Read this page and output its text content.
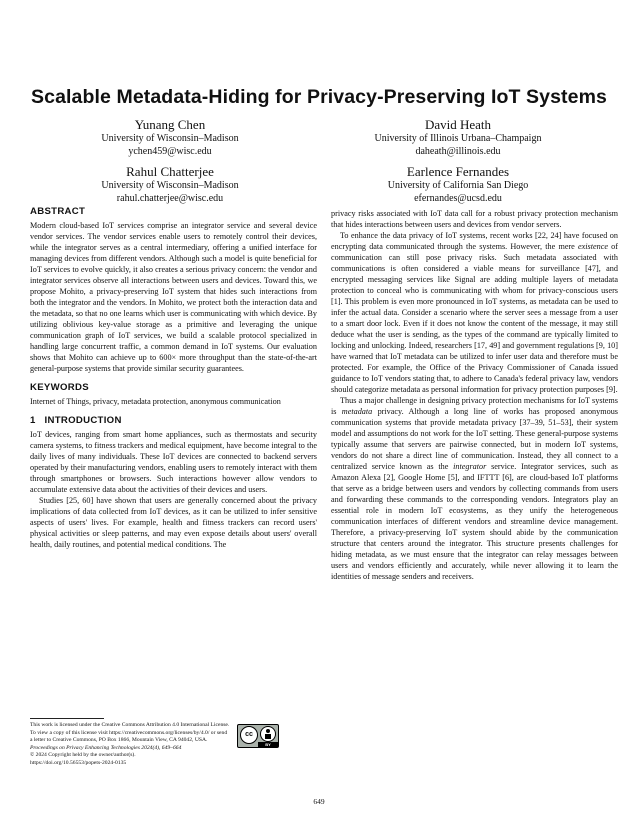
Scalable Metadata-Hiding for Privacy-Preserving IoT Systems
Yunang Chen
University of Wisconsin–Madison
ychen459@wisc.edu
David Heath
University of Illinois Urbana–Champaign
daheath@illinois.edu
Rahul Chatterjee
University of Wisconsin–Madison
rahul.chatterjee@wisc.edu
Earlence Fernandes
University of California San Diego
efernandes@ucsd.edu
ABSTRACT

Modern cloud-based IoT services comprise an integrator service and several device vendor services. The vendor services enable users to remotely control their devices, while the integrator serves as a central intermediary, offering a unified interface for managing devices from different vendors. Although such a model is quite beneficial for IoT services to evolve quickly, it also creates a serious privacy concern: the vendor and integrator services observe all interactions between users and devices. Toward this, we propose Mohito, a privacy-preserving IoT system that hides such interactions from both the integrator and the vendors. In Mohito, we protect both the interaction data and the metadata, so that no one learns which user is communicating with which device. By utilizing oblivious key-value storage as a primitive and leveraging the unique communication graph of IoT services, we build a scalable protocol specialized in handling large concurrent traffic, a common demand in IoT systems. Our evaluation shows that Mohito can achieve up to 600× more throughput than the state-of-the-art general-purpose systems that provide similar security guarantees.

KEYWORDS

Internet of Things, privacy, metadata protection, anonymous communication

1   INTRODUCTION

IoT devices, ranging from smart home appliances, such as thermostats and security camera systems, to fitness trackers and medical equipment, have become integral to the daily lives of many individuals. These IoT devices are connected to backend servers operated by their manufacturing vendors, enabling users to remotely interact with them through smartphones or browsers. Such interactions however allow vendors to accumulate extensive data about the activities of their devices and users.

Studies [25, 60] have shown that users are generally concerned about the privacy implications of data collected from IoT devices, as it can be utilized to infer sensitive aspects of users' lives. For example, health and fitness trackers can record users' physical activities or sleep patterns, and may even expose details about users' overall health, daily routines, and potential medical conditions. The

privacy risks associated with IoT data call for a robust privacy protection mechanism that hides interactions between users and devices from vendor servers.

To enhance the data privacy of IoT systems, recent works [22, 24] have focused on encrypting data communicated through the systems. However, the mere existence of communication can still pose privacy risks. Such metadata associated with communications is often considered a viable means for surveillance [47], and encrypted messaging services like Signal are adding multiple layers of metadata protection to conceal who is communicating with whom for privacy-conscious users [1]. This problem is even more pronounced in IoT systems, as metadata can be used to infer the actual data. Consider a scenario where the server sees a message from a user to a smart door lock. Even if it does not know the content of the message, it may still deduce what the user is sending, as the types of the command are typically limited to locking and unlocking. Indeed, researchers [17, 49] and government regulations [9, 10] have warned that IoT metadata can be utilized to infer user data and therefore must be protected. For example, the Office of the Privacy Commissioner of Canada issued guidance to IoT vendors stating that, to adhere to Canada's federal privacy law, vendors should categorize metadata as personal information for privacy protection purposes [9].

Thus a major challenge in designing privacy protection mechanisms for IoT systems is metadata privacy. Although a long line of works has proposed anonymous communication systems that provide metadata privacy [37–39, 51–53], their system model and assumptions do not work for the IoT setting. These general-purpose systems typically assume that servers are pairwise connected, but in modern IoT systems, vendors do not share a direct line of communication. Instead, they all connect to a centralized service known as the integrator service. Integrator services, such as Amazon Alexa [2], Google Home [5], and IFTTT [6], are cloud-based IoT platforms that serve as a bridge between users and vendors by collecting commands from users and forwarding these commands to the corresponding vendors. Integrators play an essential role in modern IoT ecosystems, as they unify the heterogeneous communication interfaces of different vendors and streamline device management. Therefore, a privacy-preserving IoT system should abide by the communication structure that centers around the integrator. This structure presents challenges for hiding metadata, as we must ensure that the integrator can relay messages between users and vendors efficiently and accurately, while never allowing it to learn the identities of message senders and receivers.

This work is licensed under the Creative Commons Attribution 4.0 International License. To view a copy of this license visit https://creativecommons.org/licenses/by/4.0/ or send a letter to Creative Commons, PO Box 1866, Mountain View, CA 94042, USA.
Proceedings on Privacy Enhancing Technologies 2024(4), 649–664
© 2024 Copyright held by the owner/author(s).
https://doi.org/10.56553/popets-2024-0135
cc
BY
649
